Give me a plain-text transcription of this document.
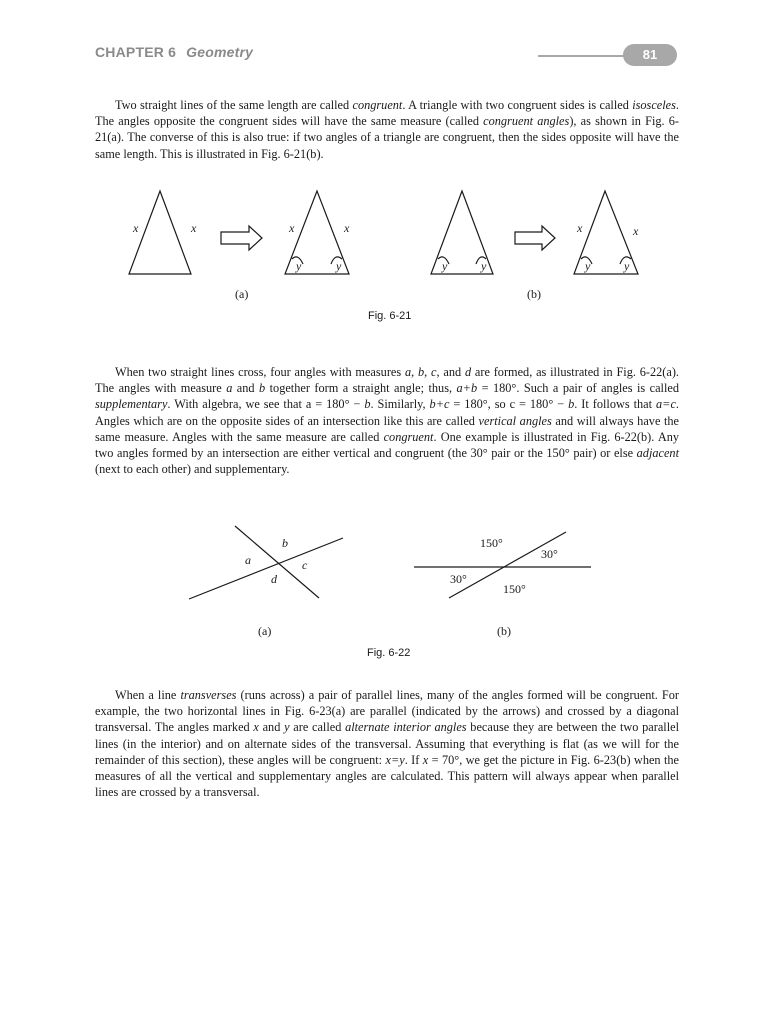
CHAPTER 6 Geometry	81

Two straight lines of the same length are called congruent. A triangle with two congruent sides is called isosceles. The angles opposite the congruent sides will have the same measure (called congruent angles), as shown in Fig. 6-21(a). The converse of this is also true: if two angles of a triangle are congruent, then the sides opposite will have the same length. This is illustrated in Fig. 6-21(b).

x	x	x	x	x	x
y	y	y	y	y	y
(a)	(b)
Fig. 6-21

When two straight lines cross, four angles with measures a, b, c, and d are formed, as illustrated in Fig. 6-22(a). The angles with measure a and b together form a straight angle; thus, a+b = 180°. Such a pair of angles is called supplementary. With algebra, we see that a = 180° − b. Similarly, b+c = 180°, so c = 180° − b. It follows that a=c. Angles which are on the opposite sides of an intersection like this are called vertical angles and will always have the same measure. Angles with the same measure are called congruent. One example is illustrated in Fig. 6-22(b). Any two angles formed by an intersection are either vertical and congruent (the 30° pair or the 150° pair) or else adjacent (next to each other) and supplementary.

a
b
c
d
150°
30°
30°
150°
(a)	(b)
Fig. 6-22

When a line transverses (runs across) a pair of parallel lines, many of the angles formed will be congruent. For example, the two horizontal lines in Fig. 6-23(a) are parallel (indicated by the arrows) and crossed by a diagonal transversal. The angles marked x and y are called alternate interior angles because they are between the two parallel lines (in the interior) and on alternate sides of the transversal. Assuming that everything is flat (as we will for the remainder of this section), these angles will be congruent: x=y. If x = 70°, we get the picture in Fig. 6-23(b) when the measures of all the vertical and supplementary angles are calculated. This pattern will always appear when parallel lines are crossed by a transversal.
